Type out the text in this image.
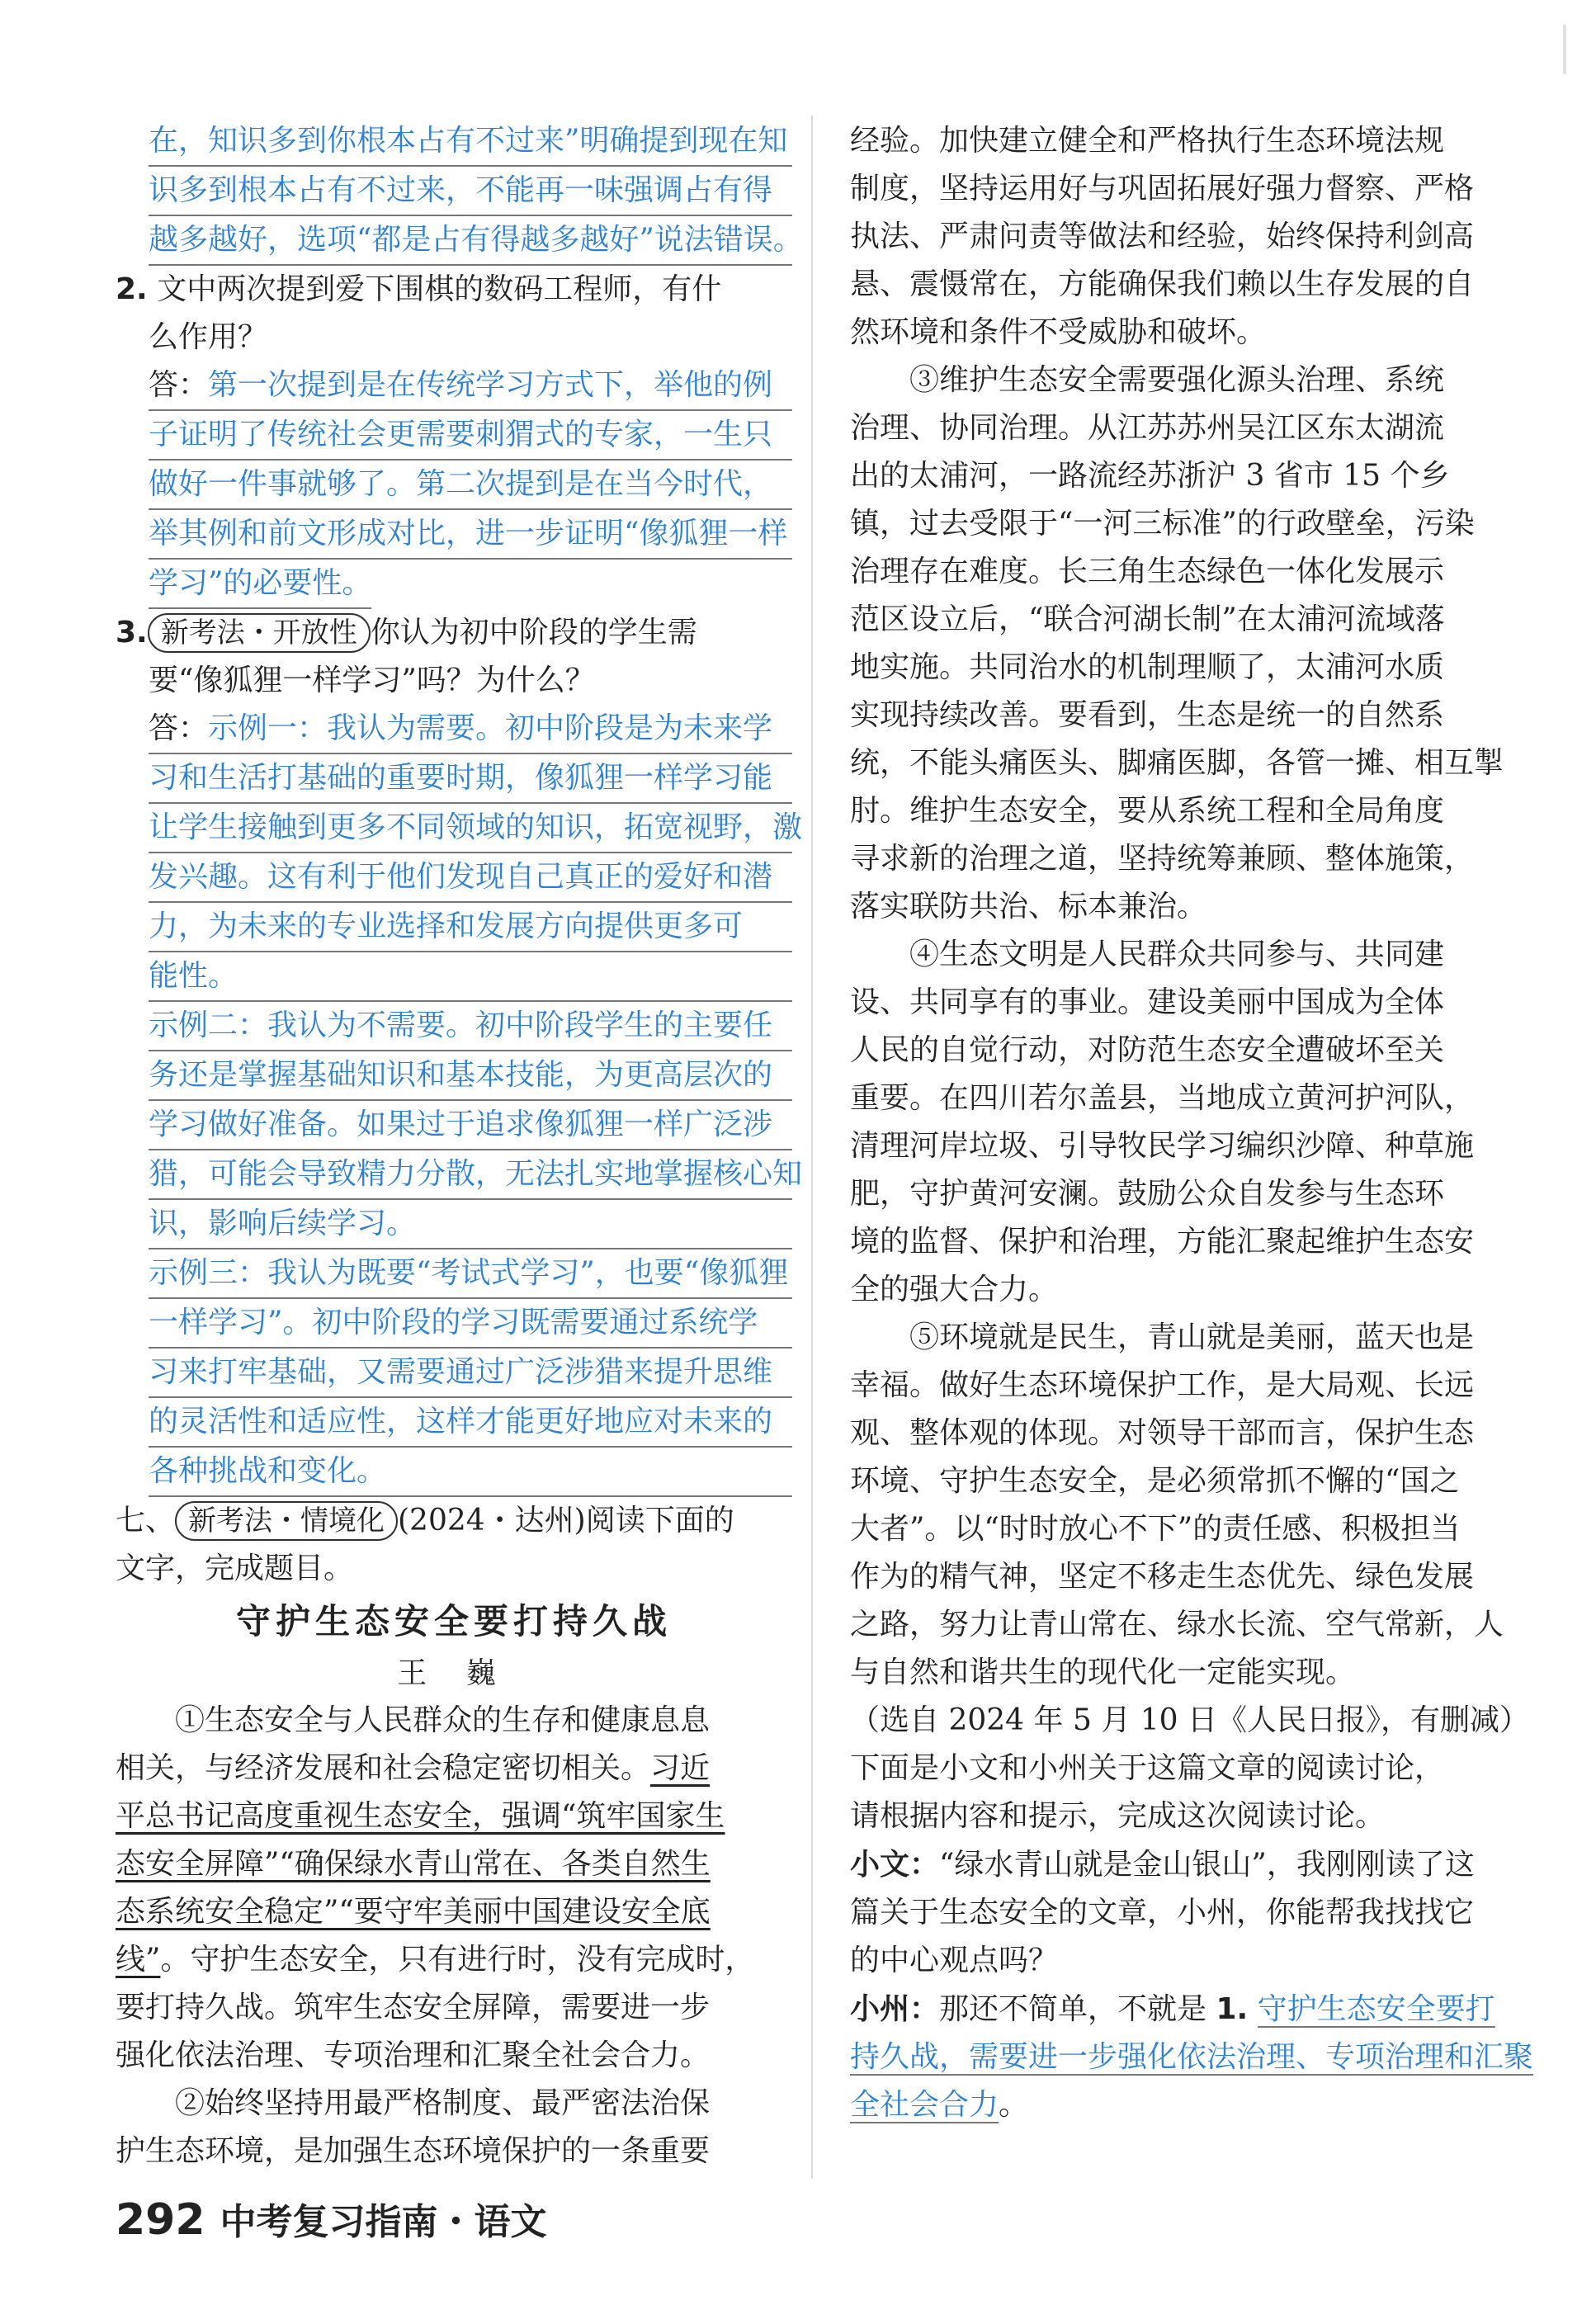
在，知识多到你根本占有不过来”明确提到现在知
识多到根本占有不过来，不能再一味强调占有得
越多越好，选项“都是占有得越多越好”说法错误。
2. 文中两次提到爱下围棋的数码工程师，有什
么作用？
答：第一次提到是在传统学习方式下，举他的例
子证明了传统社会更需要刺猬式的专家，一生只
做好一件事就够了。第二次提到是在当今时代，
举其例和前文形成对比，进一步证明“像狐狸一样
学习”的必要性。
3. 新考法・开放性 你认为初中阶段的学生需
要“像狐狸一样学习”吗？为什么？
答：示例一：我认为需要。初中阶段是为未来学
习和生活打基础的重要时期，像狐狸一样学习能
让学生接触到更多不同领域的知识，拓宽视野，激
发兴趣。这有利于他们发现自己真正的爱好和潜
力，为未来的专业选择和发展方向提供更多可
能性。
示例二：我认为不需要。初中阶段学生的主要任
务还是掌握基础知识和基本技能，为更高层次的
学习做好准备。如果过于追求像狐狸一样广泛涉
猎，可能会导致精力分散，无法扎实地掌握核心知
识，影响后续学习。
示例三：我认为既要“考试式学习”，也要“像狐狸
一样学习”。初中阶段的学习既需要通过系统学
习来打牢基础，又需要通过广泛涉猎来提升思维
的灵活性和适应性，这样才能更好地应对未来的
各种挑战和变化。
七、 新考法・情境化 (2024・达州)阅读下面的
文字，完成题目。
守护生态安全要打持久战
王 巍
①生态安全与人民群众的生存和健康息息
相关，与经济发展和社会稳定密切相关。习近
平总书记高度重视生态安全，强调“筑牢国家生
态安全屏障”“确保绿水青山常在、各类自然生
态系统安全稳定”“要守牢美丽中国建设安全底
线”。守护生态安全，只有进行时，没有完成时，
要打持久战。筑牢生态安全屏障，需要进一步
强化依法治理、专项治理和汇聚全社会合力。
②始终坚持用最严格制度、最严密法治保
护生态环境，是加强生态环境保护的一条重要
经验。加快建立健全和严格执行生态环境法规
制度，坚持运用好与巩固拓展好强力督察、严格
执法、严肃问责等做法和经验，始终保持利剑高
悬、震慑常在，方能确保我们赖以生存发展的自
然环境和条件不受威胁和破坏。
③维护生态安全需要强化源头治理、系统
治理、协同治理。从江苏苏州吴江区东太湖流
出的太浦河，一路流经苏浙沪 3 省市 15 个乡
镇，过去受限于“一河三标准”的行政壁垒，污染
治理存在难度。长三角生态绿色一体化发展示
范区设立后，“联合河湖长制”在太浦河流域落
地实施。共同治水的机制理顺了，太浦河水质
实现持续改善。要看到，生态是统一的自然系
统，不能头痛医头、脚痛医脚，各管一摊、相互掣
肘。维护生态安全，要从系统工程和全局角度
寻求新的治理之道，坚持统筹兼顾、整体施策，
落实联防共治、标本兼治。
④生态文明是人民群众共同参与、共同建
设、共同享有的事业。建设美丽中国成为全体
人民的自觉行动，对防范生态安全遭破坏至关
重要。在四川若尔盖县，当地成立黄河护河队，
清理河岸垃圾、引导牧民学习编织沙障、种草施
肥，守护黄河安澜。鼓励公众自发参与生态环
境的监督、保护和治理，方能汇聚起维护生态安
全的强大合力。
⑤环境就是民生，青山就是美丽，蓝天也是
幸福。做好生态环境保护工作，是大局观、长远
观、整体观的体现。对领导干部而言，保护生态
环境、守护生态安全，是必须常抓不懈的“国之
大者”。以“时时放心不下”的责任感、积极担当
作为的精气神，坚定不移走生态优先、绿色发展
之路，努力让青山常在、绿水长流、空气常新，人
与自然和谐共生的现代化一定能实现。
（选自 2024 年 5 月 10 日《人民日报》，有删减）
下面是小文和小州关于这篇文章的阅读讨论，
请根据内容和提示，完成这次阅读讨论。
小文：“绿水青山就是金山银山”，我刚刚读了这
篇关于生态安全的文章，小州，你能帮我找找它
的中心观点吗？
小州：那还不简单，不就是 1. 守护生态安全要打
持久战，需要进一步强化依法治理、专项治理和汇聚
全社会合力。
292 中考复习指南・语文
